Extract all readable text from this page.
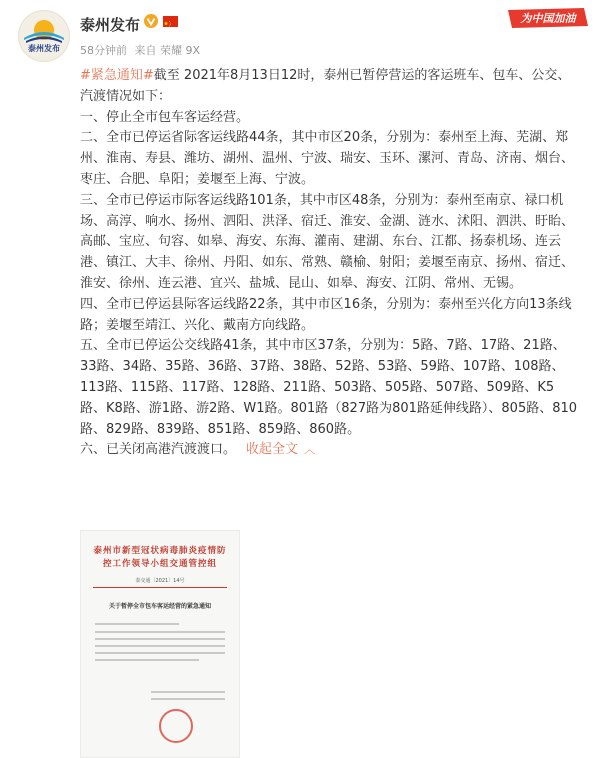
泰州发布
泰州发布
58分钟前 来自 荣耀 9X
为中国加油

#紧急通知#截至 2021年8月13日12时，泰州已暂停营运的客运班车、包车、公交、汽渡情况如下：

一、停止全市包车客运经营。

二、全市已停运省际客运线路44条，其中市区20条，分别为：泰州至上海、芜湖、郑州、淮南、寿县、潍坊、湖州、温州、宁波、瑞安、玉环、漯河、青岛、济南、烟台、枣庄、合肥、阜阳；姜堰至上海、宁波。

三、全市已停运市际客运线路101条，其中市区48条，分别为：泰州至南京、禄口机场、高淳、响水、扬州、泗阳、洪泽、宿迁、淮安、金湖、涟水、沭阳、泗洪、盱眙、高邮、宝应、句容、如皋、海安、东海、灌南、建湖、东台、江都、扬泰机场、连云港、镇江、大丰、徐州、丹阳、如东、常熟、赣榆、射阳；姜堰至南京、扬州、宿迁、淮安、徐州、连云港、宜兴、盐城、昆山、如皋、海安、江阴、常州、无锡。

四、全市已停运县际客运线路22条，其中市区16条，分别为：泰州至兴化方向13条线路；姜堰至靖江、兴化、戴南方向线路。

五、全市已停运公交线路41条，其中市区37条，分别为：5路、7路、17路、21路、33路、34路、35路、36路、37路、38路、52路、53路、59路、107路、108路、113路、115路、117路、128路、211路、503路、505路、507路、509路、K5路、K8路、游1路、游2路、W1路。801路（827路为801路延伸线路）、805路、810路、829路、839路、851路、859路、860路。

六、已关闭高港汽渡渡口。 收起全文 ︿

泰州市新型冠状病毒肺炎疫情防控工作领导小组交通管控组
泰交通〔2021〕14号
关于暂停全市包车客运经营的紧急通知
